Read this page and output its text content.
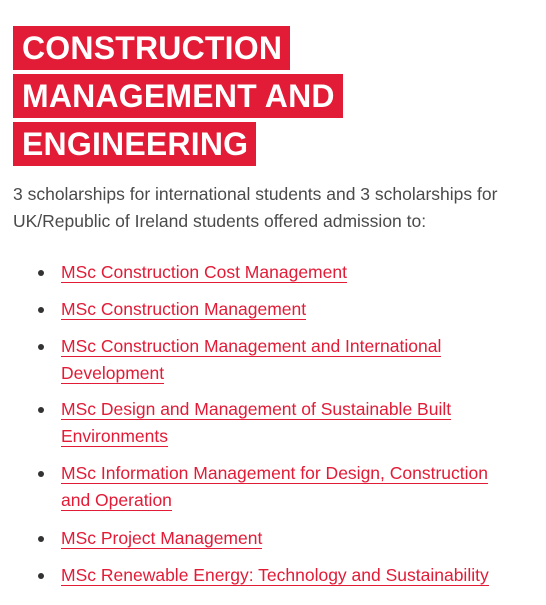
CONSTRUCTION
MANAGEMENT AND
ENGINEERING

3 scholarships for international students and 3 scholarships for UK/Republic of Ireland students offered admission to:

MSc Construction Cost Management
MSc Construction Management
MSc Construction Management and International Development
MSc Design and Management of Sustainable Built Environments
MSc Information Management for Design, Construction and Operation
MSc Project Management
MSc Renewable Energy: Technology and Sustainability
